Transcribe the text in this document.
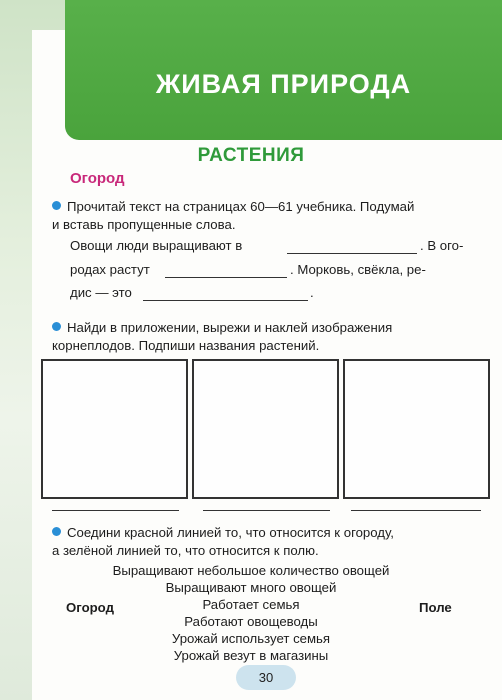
ЖИВАЯ ПРИРОДА
РАСТЕНИЯ
Огород
Прочитай текст на страницах 60—61 учебника. Подумай
и вставь пропущенные слова.
Овощи люди выращивают в	. В ого-
родах растут	. Морковь, свёкла, ре-
дис — это	.
Найди в приложении, вырежи и наклей изображения
корнеплодов. Подпиши названия растений.
Соедини красной линией то, что относится к огороду,
а зелёной линией то, что относится к полю.
Огород	Поле
Выращивают небольшое количество овощей
Выращивают много овощей
Работает семья
Работают овощеводы
Урожай использует семья
Урожай везут в магазины
30
